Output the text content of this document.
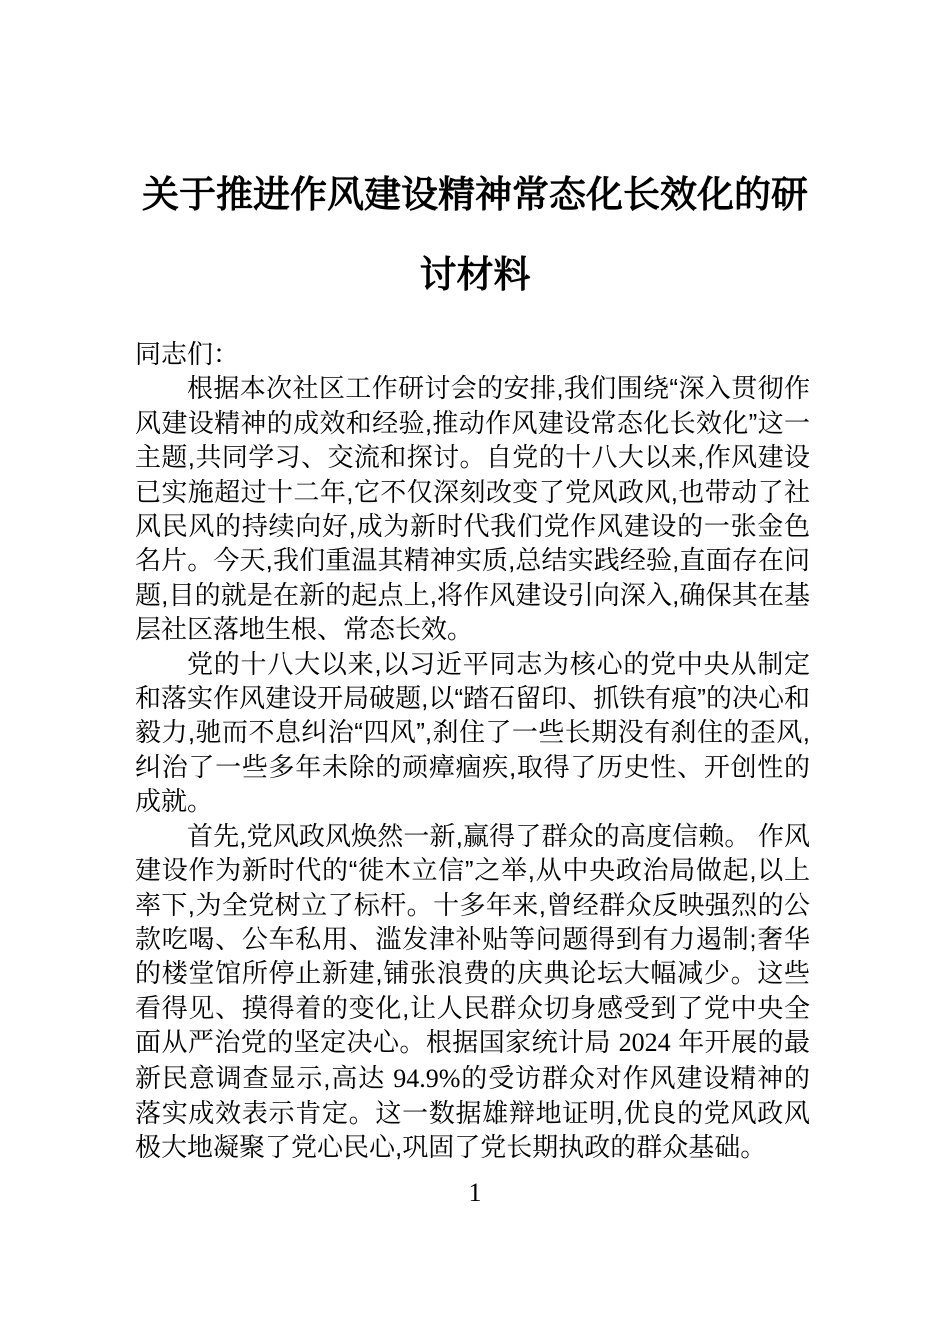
关于推进作风建设精神常态化长效化的研讨材料

同志们：

根据本次社区工作研讨会的安排,我们围绕“深入贯彻作风建设精神的成效和经验,推动作风建设常态化长效化”这一主题,共同学习、交流和探讨。自党的十八大以来,作风建设已实施超过十二年,它不仅深刻改变了党风政风,也带动了社风民风的持续向好,成为新时代我们党作风建设的一张金色名片。今天,我们重温其精神实质,总结实践经验,直面存在问题,目的就是在新的起点上,将作风建设引向深入,确保其在基层社区落地生根、常态长效。

党的十八大以来,以习近平同志为核心的党中央从制定和落实作风建设开局破题,以“踏石留印、抓铁有痕”的决心和毅力,驰而不息纠治“四风”,刹住了一些长期没有刹住的歪风,纠治了一些多年未除的顽瘴痼疾,取得了历史性、开创性的成就。

首先,党风政风焕然一新,赢得了群众的高度信赖。 作风建设作为新时代的“徙木立信”之举,从中央政治局做起,以上率下,为全党树立了标杆。十多年来,曾经群众反映强烈的公款吃喝、公车私用、滥发津补贴等问题得到有力遏制;奢华的楼堂馆所停止新建,铺张浪费的庆典论坛大幅减少。这些看得见、摸得着的变化,让人民群众切身感受到了党中央全面从严治党的坚定决心。根据国家统计局 2024 年开展的最新民意调查显示,高达 94.9%的受访群众对作风建设精神的落实成效表示肯定。这一数据雄辩地证明,优良的党风政风极大地凝聚了党心民心,巩固了党长期执政的群众基础。

1
